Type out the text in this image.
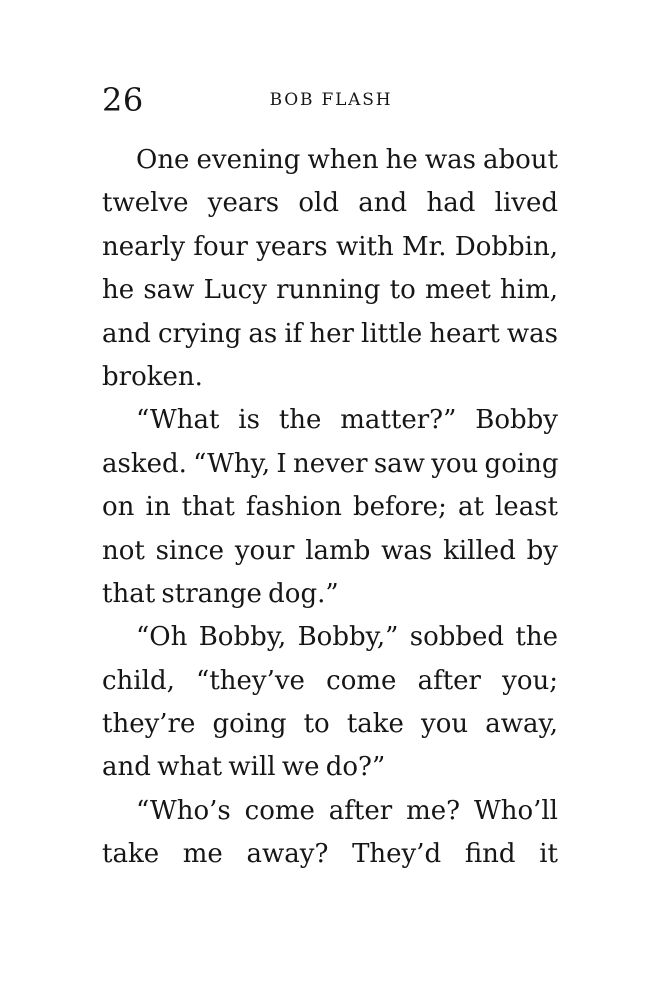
26	BOB FLASH
One evening when he was about
twelve years old and had lived
nearly four years with Mr. Dobbin,
he saw Lucy running to meet him,
and crying as if her little heart was
broken.
“What is the matter?” Bobby
asked. “Why, I never saw you going
on in that fashion before; at least
not since your lamb was killed by
that strange dog.”
“Oh Bobby, Bobby,” sobbed the
child, “they’ve come after you;
they’re going to take you away,
and what will we do?”
“Who’s come after me? Who’ll
take me away? They’d find it
